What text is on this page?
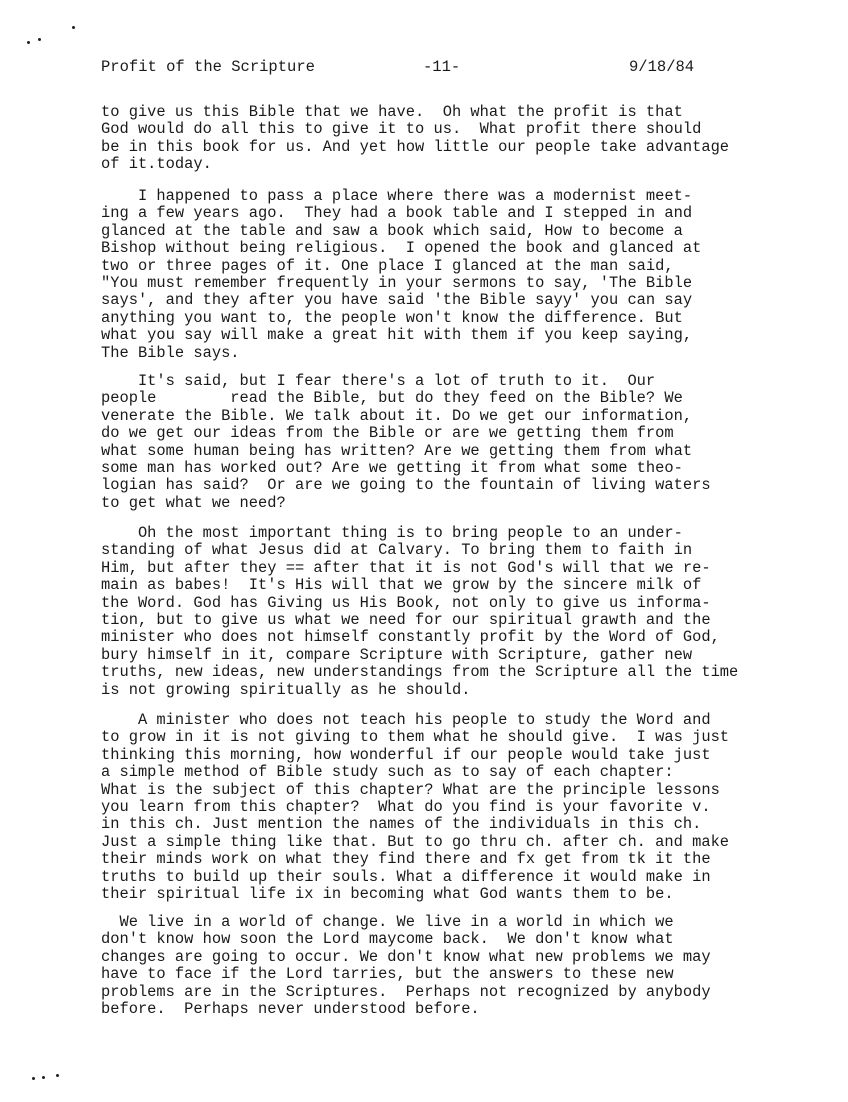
Profit of the Scripture	-11-	9/18/84

to give us this Bible that we have.  Oh what the profit is that
God would do all this to give it to us.  What profit there should
be in this book for us. And yet how little our people take advantage
of it.today.

I happened to pass a place where there was a modernist meet-
ing a few years ago.  They had a book table and I stepped in and
glanced at the table and saw a book which said, How to become a
Bishop without being religious.  I opened the book and glanced at
two or three pages of it. One place I glanced at the man said,
"You must remember frequently in your sermons to say, 'The Bible
says', and they after you have said 'the Bible sayy' you can say
anything you want to, the people won't know the difference. But
what you say will make a great hit with them if you keep saying,
The Bible says.

It's said, but I fear there's a lot of truth to it.  Our
people        read the Bible, but do they feed on the Bible? We
venerate the Bible. We talk about it. Do we get our information,
do we get our ideas from the Bible or are we getting them from
what some human being has written? Are we getting them from what
some man has worked out? Are we getting it from what some theo-
logian has said?  Or are we going to the fountain of living waters
to get what we need?

Oh the most important thing is to bring people to an under-
standing of what Jesus did at Calvary. To bring them to faith in
Him, but after they == after that it is not God's will that we re-
main as babes!  It's His will that we grow by the sincere milk of
the Word. God has Giving us His Book, not only to give us informa-
tion, but to give us what we need for our spiritual grawth and the
minister who does not himself constantly profit by the Word of God,
bury himself in it, compare Scripture with Scripture, gather new
truths, new ideas, new understandings from the Scripture all the time
is not growing spiritually as he should.

A minister who does not teach his people to study the Word and
to grow in it is not giving to them what he should give.  I was just
thinking this morning, how wonderful if our people would take just
a simple method of Bible study such as to say of each chapter:
What is the subject of this chapter? What are the principle lessons
you learn from this chapter?  What do you find is your favorite v.
in this ch. Just mention the names of the individuals in this ch.
Just a simple thing like that. But to go thru ch. after ch. and make
their minds work on what they find there and fx get from tk it the
truths to build up their souls. What a difference it would make in
their spiritual life ix in becoming what God wants them to be.

We live in a world of change. We live in a world in which we
don't know how soon the Lord maycome back.  We don't know what
changes are going to occur. We don't know what new problems we may
have to face if the Lord tarries, but the answers to these new
problems are in the Scriptures.  Perhaps not recognized by anybody
before.  Perhaps never understood before.
